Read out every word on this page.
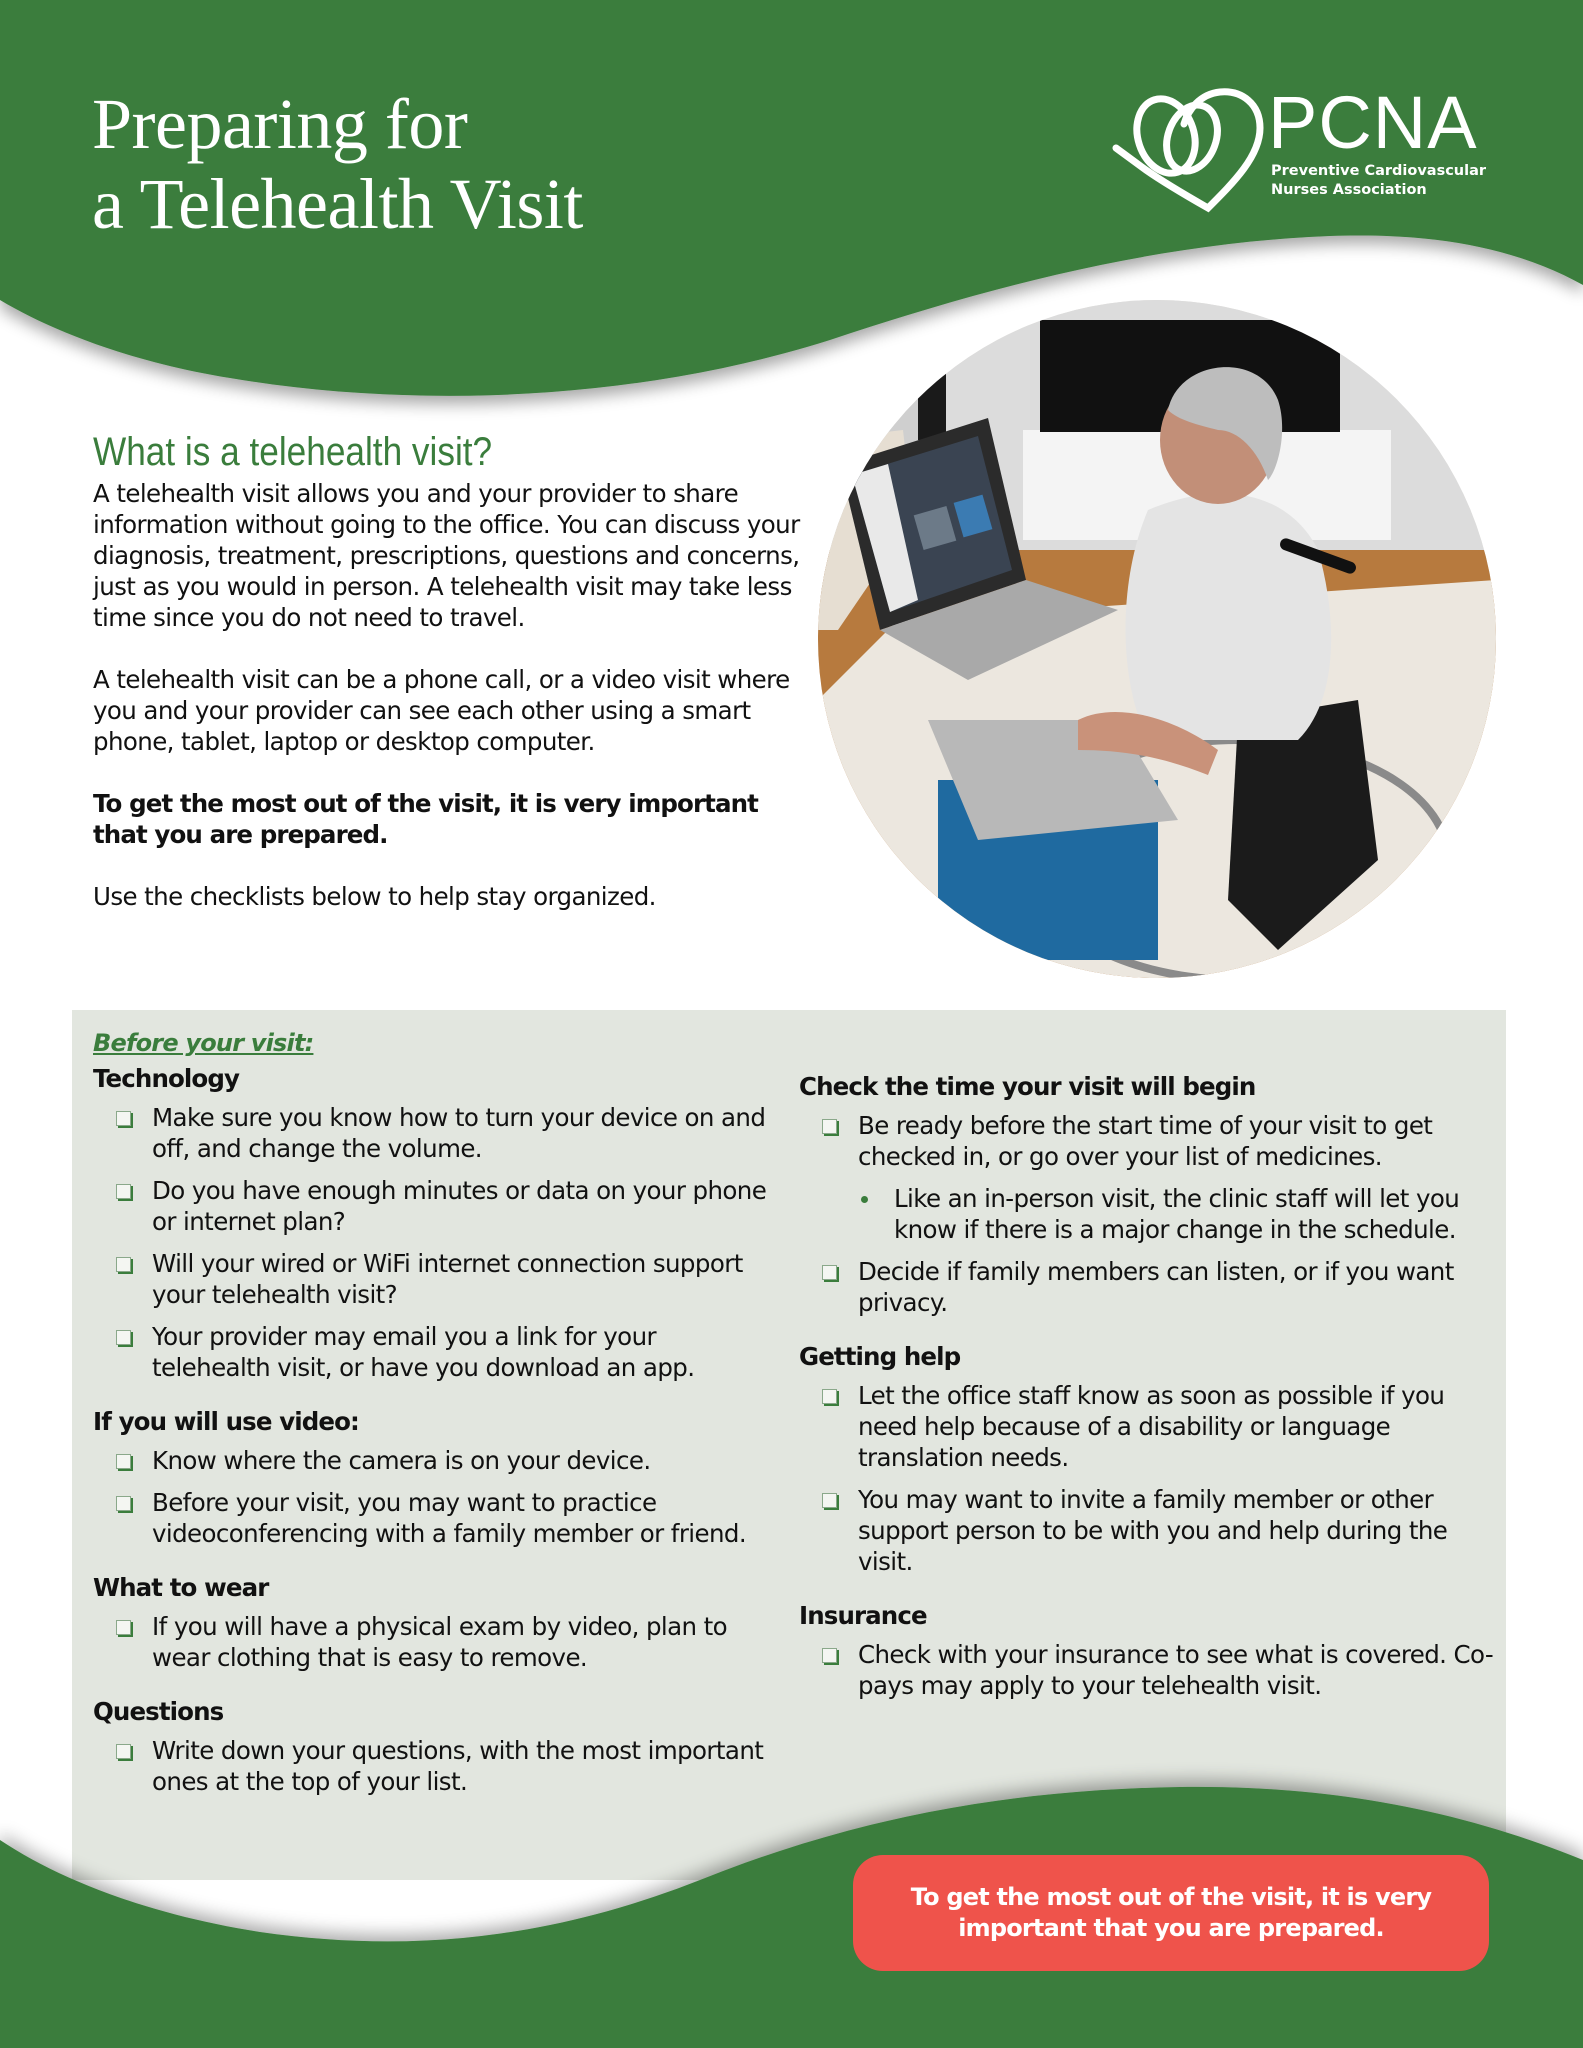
Preparing for
a Telehealth Visit
PCNA
Preventive Cardiovascular
Nurses Association
What is a telehealth visit?

A telehealth visit allows you and your provider to share information without going to the office. You can discuss your diagnosis, treatment, prescriptions, questions and concerns, just as you would in person. A telehealth visit may take less time since you do not need to travel.

A telehealth visit can be a phone call, or a video visit where you and your provider can see each other using a smart phone, tablet, laptop or desktop computer.

To get the most out of the visit, it is very important that you are prepared.

Use the checklists below to help stay organized.

Before your visit:
Technology
Make sure you know how to turn your device on and off, and change the volume.
Do you have enough minutes or data on your phone or internet plan?
Will your wired or WiFi internet connection support your telehealth visit?
Your provider may email you a link for your telehealth visit, or have you download an app.
If you will use video:
Know where the camera is on your device.
Before your visit, you may want to practice videoconferencing with a family member or friend.
What to wear
If you will have a physical exam by video, plan to wear clothing that is easy to remove.
Questions
Write down your questions, with the most important ones at the top of your list.
Check the time your visit will begin
Be ready before the start time of your visit to get checked in, or go over your list of medicines.
Like an in-person visit, the clinic staff will let you know if there is a major change in the schedule.
Decide if family members can listen, or if you want privacy.
Getting help
Let the office staff know as soon as possible if you need help because of a disability or language translation needs.
You may want to invite a family member or other support person to be with you and help during the visit.
Insurance
Check with your insurance to see what is covered. Co-pays may apply to your telehealth visit.
To get the most out of the visit, it is very important that you are prepared.
